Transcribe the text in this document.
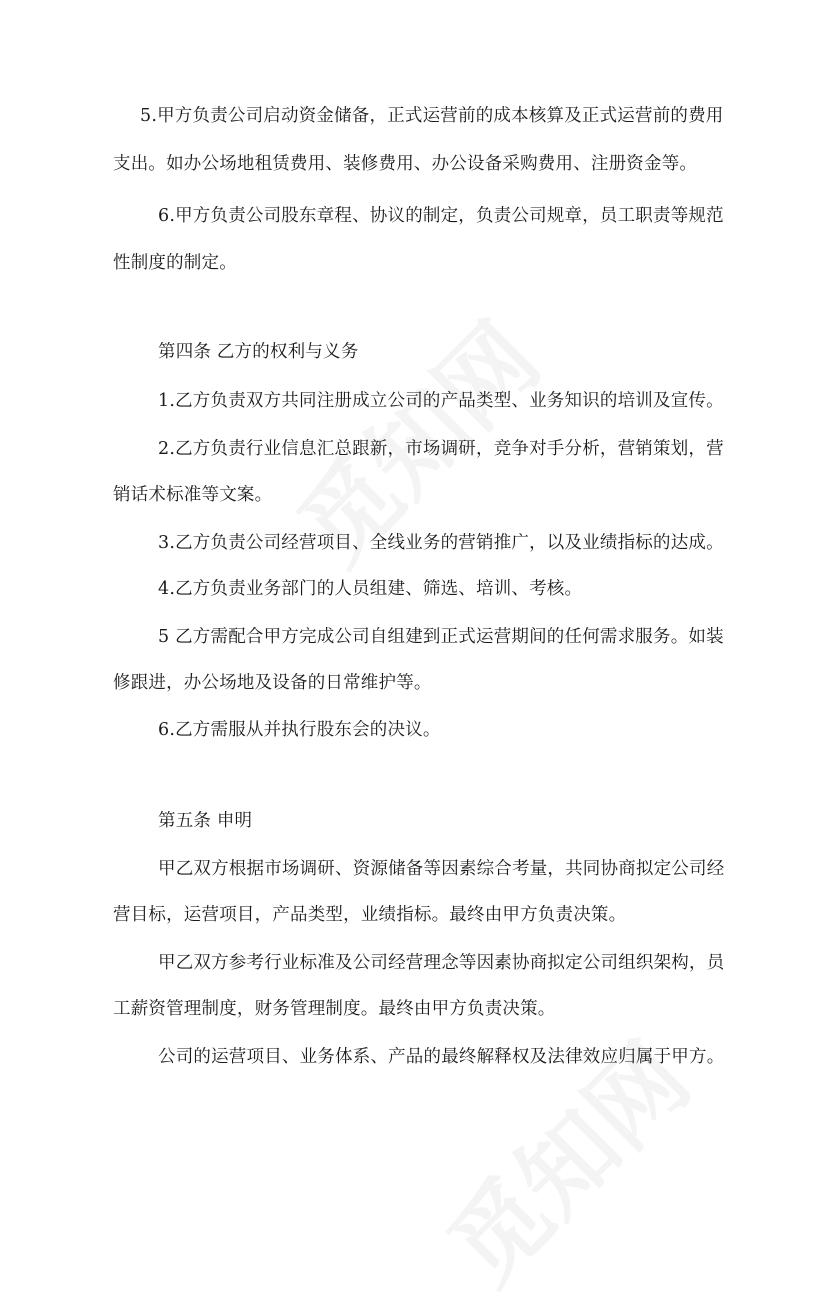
5.甲方负责公司启动资金储备，正式运营前的成本核算及正式运营前的费用
支出。如办公场地租赁费用、装修费用、办公设备采购费用、注册资金等。
6.甲方负责公司股东章程、协议的制定，负责公司规章，员工职责等规范
性制度的制定。
第四条 乙方的权利与义务
1.乙方负责双方共同注册成立公司的产品类型、业务知识的培训及宣传。
2.乙方负责行业信息汇总跟新，市场调研，竞争对手分析，营销策划，营
销话术标准等文案。
3.乙方负责公司经营项目、全线业务的营销推广，以及业绩指标的达成。
4.乙方负责业务部门的人员组建、筛选、培训、考核。
5 乙方需配合甲方完成公司自组建到正式运营期间的任何需求服务。如装
修跟进，办公场地及设备的日常维护等。
6.乙方需服从并执行股东会的决议。
第五条 申明
甲乙双方根据市场调研、资源储备等因素综合考量，共同协商拟定公司经
营目标，运营项目，产品类型，业绩指标。最终由甲方负责决策。
甲乙双方参考行业标准及公司经营理念等因素协商拟定公司组织架构，员
工薪资管理制度，财务管理制度。最终由甲方负责决策。
公司的运营项目、业务体系、产品的最终解释权及法律效应归属于甲方。
